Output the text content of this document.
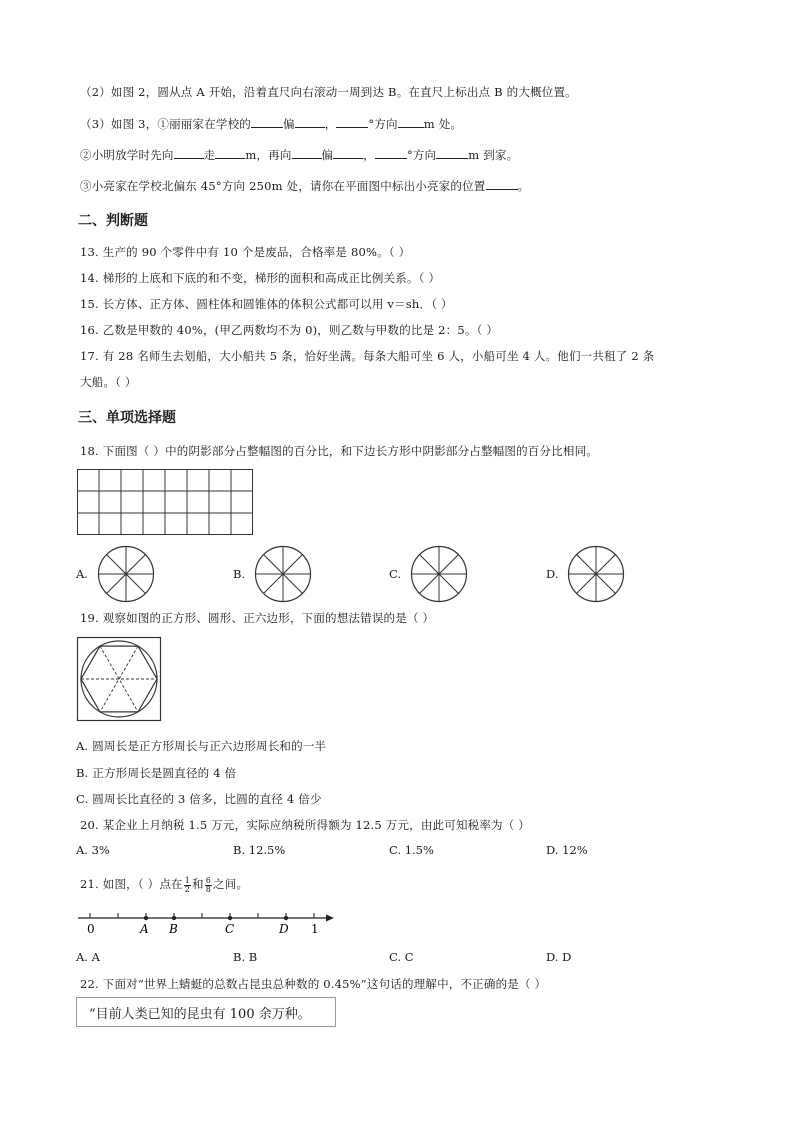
（2）如图 2，圆从点 A 开始，沿着直尺向右滚动一周到达 B。在直尺上标出点 B 的大概位置。
（3）如图 3，①丽丽家在学校的	偏	，	°方向 m 处。
②小明放学时先向	走	m，再向	偏	，	°方向	m 到家。
③小亮家在学校北偏东 45°方向 250m 处，请你在平面图中标出小亮家的位置	。
二、判断题
13. 生产的 90 个零件中有 10 个是废品，合格率是 80%。（ ）
14. 梯形的上底和下底的和不变，梯形的面积和高成正比例关系。（ ）
15. 长方体、正方体、圆柱体和圆锥体的体积公式都可以用 v＝sh．（ ）
16. 乙数是甲数的 40%，(甲乙两数均不为 0)，则乙数与甲数的比是 2：5。（ ）
17. 有 28 名师生去划船，大小船共 5 条，恰好坐满。每条大船可坐 6 人，小船可坐 4 人。他们一共租了 2 条
大船。（ ）
三、单项选择题
18. 下面图（ ）中的阴影部分占整幅图的百分比，和下边长方形中阴影部分占整幅图的百分比相同。
A.	B.	C.	D.
19. 观察如图的正方形、圆形、正六边形，下面的想法错误的是（ ）
A. 圆周长是正方形周长与正六边形周长和的一半
B. 正方形周长是圆直径的 4 倍
C. 圆周长比直径的 3 倍多，比圆的直径 4 倍少
20. 某企业上月纳税 1.5 万元，实际应纳税所得额为 12.5 万元，由此可知税率为（ ）
A. 3%	B. 12.5%	C. 1.5%	D. 12%
21. 如图，（ ）点在 $\frac{1}{2}$ 和 $\frac{6}{8}$ 之间。
0	A B	C	D 1
A. A	B. B	C. C	D. D
22. 下面对“世界上蜻蜓的总数占昆虫总种数的 0.45%”这句话的理解中，不正确的是（ ）
“目前人类已知的昆虫有 100 余万种。
